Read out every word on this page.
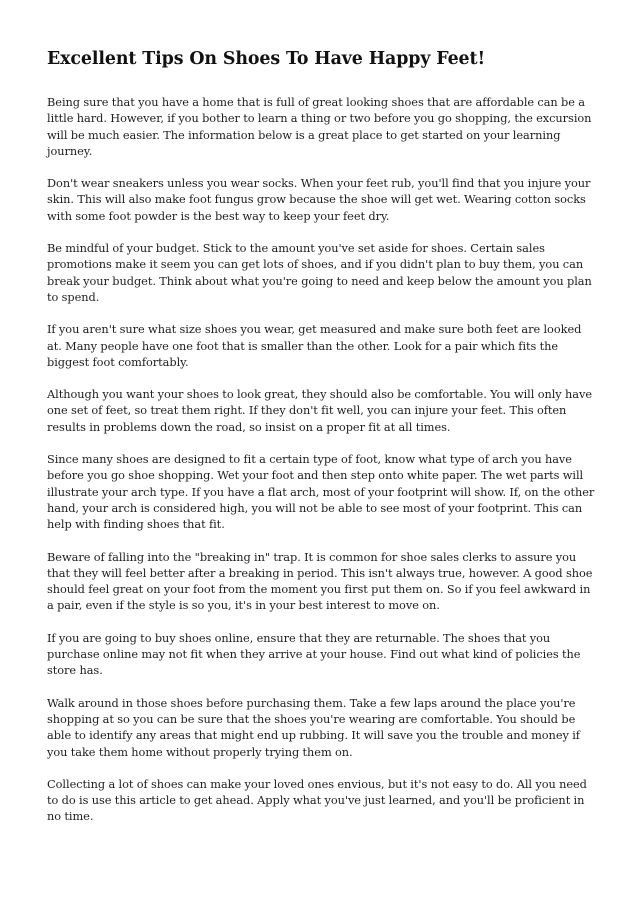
Excellent Tips On Shoes To Have Happy Feet!

Being sure that you have a home that is full of great looking shoes that are affordable can be a little hard. However, if you bother to learn a thing or two before you go shopping, the excursion will be much easier. The information below is a great place to get started on your learning journey.

Don't wear sneakers unless you wear socks. When your feet rub, you'll find that you injure your skin. This will also make foot fungus grow because the shoe will get wet. Wearing cotton socks with some foot powder is the best way to keep your feet dry.

Be mindful of your budget. Stick to the amount you've set aside for shoes. Certain sales promotions make it seem you can get lots of shoes, and if you didn't plan to buy them, you can break your budget. Think about what you're going to need and keep below the amount you plan to spend.

If you aren't sure what size shoes you wear, get measured and make sure both feet are looked at. Many people have one foot that is smaller than the other. Look for a pair which fits the biggest foot comfortably.

Although you want your shoes to look great, they should also be comfortable. You will only have one set of feet, so treat them right. If they don't fit well, you can injure your feet. This often results in problems down the road, so insist on a proper fit at all times.

Since many shoes are designed to fit a certain type of foot, know what type of arch you have before you go shoe shopping. Wet your foot and then step onto white paper. The wet parts will illustrate your arch type. If you have a flat arch, most of your footprint will show. If, on the other hand, your arch is considered high, you will not be able to see most of your footprint. This can help with finding shoes that fit.

Beware of falling into the "breaking in" trap. It is common for shoe sales clerks to assure you that they will feel better after a breaking in period. This isn't always true, however. A good shoe should feel great on your foot from the moment you first put them on. So if you feel awkward in a pair, even if the style is so you, it's in your best interest to move on.

If you are going to buy shoes online, ensure that they are returnable. The shoes that you purchase online may not fit when they arrive at your house. Find out what kind of policies the store has.

Walk around in those shoes before purchasing them. Take a few laps around the place you're shopping at so you can be sure that the shoes you're wearing are comfortable. You should be able to identify any areas that might end up rubbing. It will save you the trouble and money if you take them home without properly trying them on.

Collecting a lot of shoes can make your loved ones envious, but it's not easy to do. All you need to do is use this article to get ahead. Apply what you've just learned, and you'll be proficient in no time.
